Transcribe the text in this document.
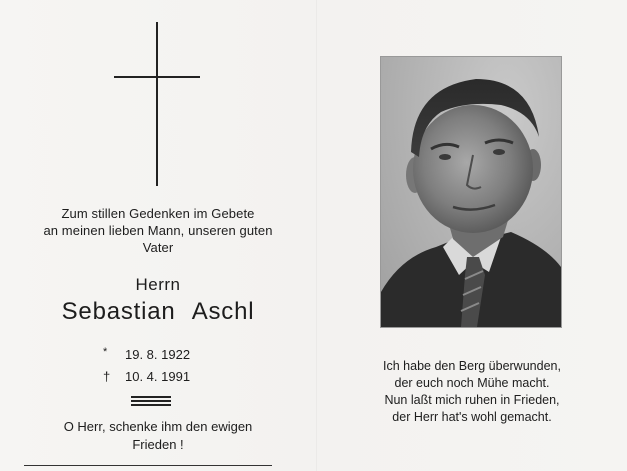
Zum stillen Gedenken im Gebete
an meinen lieben Mann, unseren guten
Vater
Herrn
Sebastian Aschl
*	19. 8. 1922
†	10. 4. 1991
O Herr, schenke ihm den ewigen
Frieden !
Ich habe den Berg überwunden,
der euch noch Mühe macht.
Nun laßt mich ruhen in Frieden,
der Herr hat's wohl gemacht.
